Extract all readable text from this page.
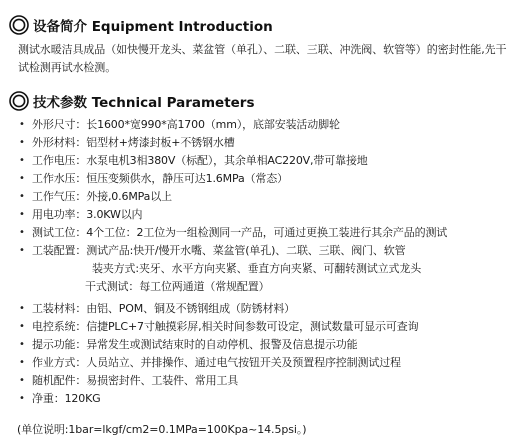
设备简介 Equipment Introduction
测试水暖洁具成品（如快慢开龙头、菜盆管（单孔）、二联、三联、冲洗阀、软管等）的密封性能,先干试检测再试水检测。
技术参数 Technical Parameters
• 外形尺寸：长1600*宽990*高1700（mm），底部安装活动脚轮
• 外形材料：铝型材+烤漆封板+不锈钢水槽
• 工作电压：水泵电机3相380V（标配），其余单相AC220V,带可靠接地
• 工作水压：恒压变频供水，静压可达1.6MPa（常态）
• 工作气压：外接,0.6MPa以上
• 用电功率：3.0KW以内
• 测试工位：4个工位：2工位为一组检测同一产品，可通过更换工装进行其余产品的测试
• 工装配置：测试产品:快开/慢开水嘴、菜盆管(单孔)、二联、三联、阀门、软管
装夹方式:夹牙、水平方向夹紧、垂直方向夹紧、可翻转测试立式龙头
干式测试：每工位两通道（常规配置）
• 工装材料：由铝、POM、铜及不锈钢组成（防锈材料）
• 电控系统：信捷PLC+7寸触摸彩屏,相关时间参数可设定，测试数量可显示可查询
• 提示功能：异常发生或测试结束时的自动停机、报警及信息提示功能
• 作业方式：人员站立、并排操作、通过电气按钮开关及预置程序控制测试过程
• 随机配件：易损密封件、工装件、常用工具
• 净重：120KG
(单位说明:1bar=lkgf/cm2=0.1MPa=100Kpa~14.5psi。)
